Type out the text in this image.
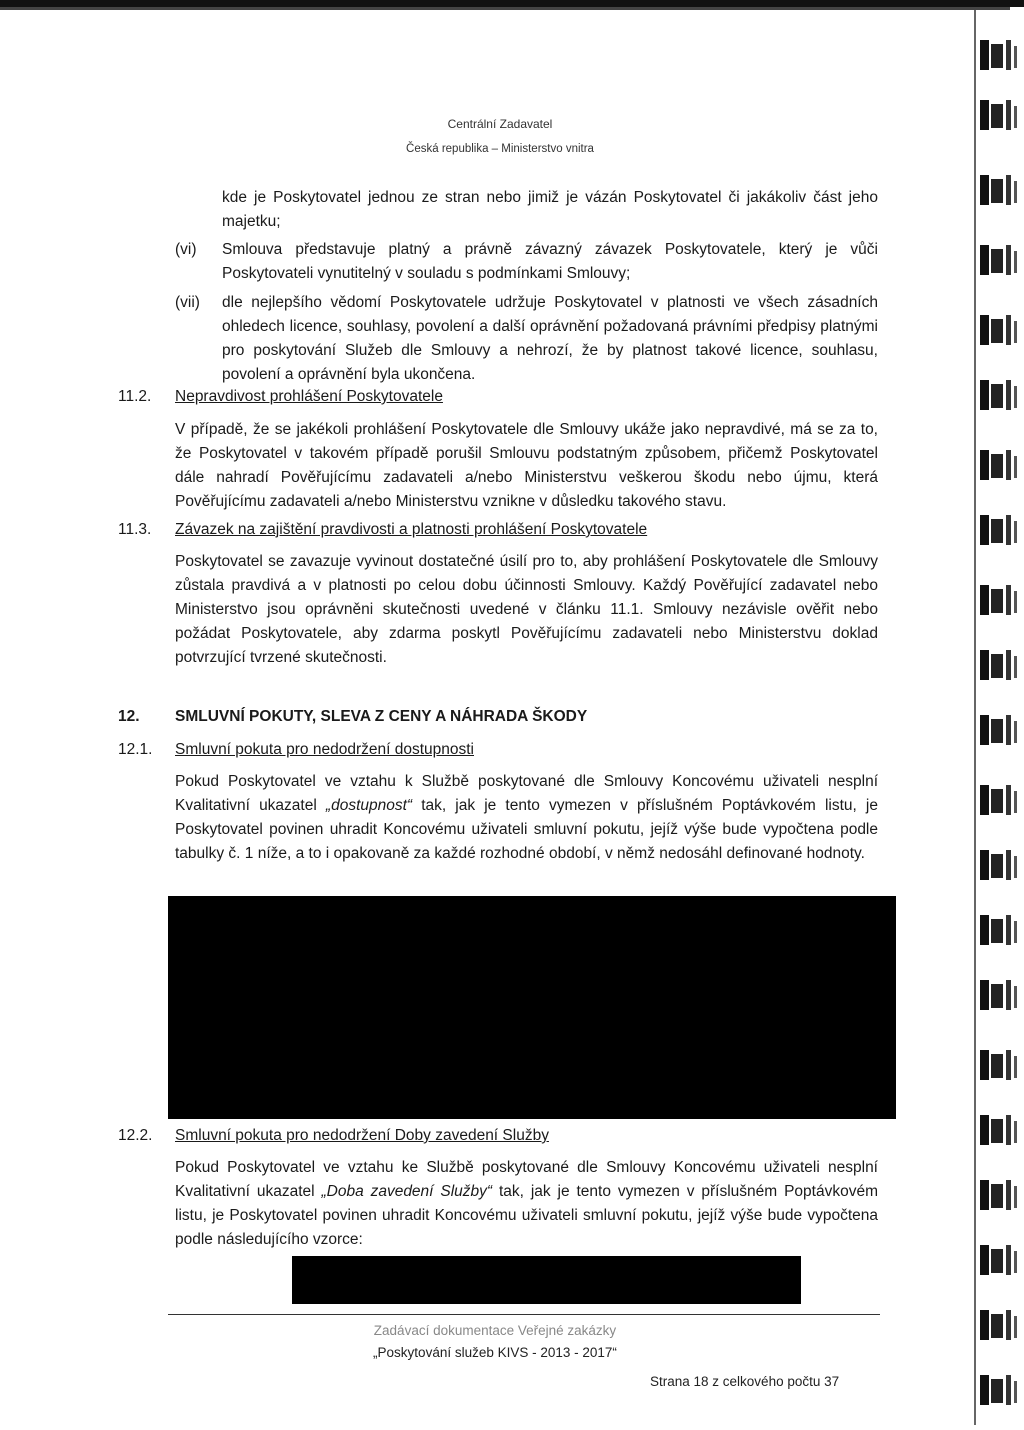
Centrální Zadavatel
Česká republika – Ministerstvo vnitra
kde je Poskytovatel jednou ze stran nebo jimiž je vázán Poskytovatel či jakákoliv část jeho majetku;
(vi) Smlouva představuje platný a právně závazný závazek Poskytovatele, který je vůči Poskytovateli vynutitelný v souladu s podmínkami Smlouvy;
(vii) dle nejlepšího vědomí Poskytovatele udržuje Poskytovatel v platnosti ve všech zásadních ohledech licence, souhlasy, povolení a další oprávnění požadovaná právními předpisy platnými pro poskytování Služeb dle Smlouvy a nehrozí, že by platnost takové licence, souhlasu, povolení a oprávnění byla ukončena.
11.2. Nepravdivost prohlášení Poskytovatele
V případě, že se jakékoli prohlášení Poskytovatele dle Smlouvy ukáže jako nepravdivé, má se za to, že Poskytovatel v takovém případě porušil Smlouvu podstatným způsobem, přičemž Poskytovatel dále nahradí Pověřujícímu zadavateli a/nebo Ministerstvu veškerou škodu nebo újmu, která Pověřujícímu zadavateli a/nebo Ministerstvu vznikne v důsledku takového stavu.
11.3. Závazek na zajištění pravdivosti a platnosti prohlášení Poskytovatele
Poskytovatel se zavazuje vyvinout dostatečné úsilí pro to, aby prohlášení Poskytovatele dle Smlouvy zůstala pravdivá a v platnosti po celou dobu účinnosti Smlouvy. Každý Pověřující zadavatel nebo Ministerstvo jsou oprávněni skutečnosti uvedené v článku 11.1. Smlouvy nezávisle ověřit nebo požádat Poskytovatele, aby zdarma poskytl Pověřujícímu zadavateli nebo Ministerstvu doklad potvrzující tvrzené skutečnosti.
12. SMLUVNÍ POKUTY, SLEVA Z CENY A NÁHRADA ŠKODY
12.1. Smluvní pokuta pro nedodržení dostupnosti
Pokud Poskytovatel ve vztahu k Službě poskytované dle Smlouvy Koncovému uživateli nesplní Kvalitativní ukazatel „dostupnost“ tak, jak je tento vymezen v příslušném Poptávkovém listu, je Poskytovatel povinen uhradit Koncovému uživateli smluvní pokutu, jejíž výše bude vypočtena podle tabulky č. 1 níže, a to i opakovaně za každé rozhodné období, v němž nedosáhl definované hodnoty.
12.2. Smluvní pokuta pro nedodržení Doby zavedení Služby
Pokud Poskytovatel ve vztahu ke Službě poskytované dle Smlouvy Koncovému uživateli nesplní Kvalitativní ukazatel „Doba zavedení Služby“ tak, jak je tento vymezen v příslušném Poptávkovém listu, je Poskytovatel povinen uhradit Koncovému uživateli smluvní pokutu, jejíž výše bude vypočtena podle následujícího vzorce:
Zadávací dokumentace Veřejné zakázky
„Poskytování služeb KIVS - 2013 - 2017“
Strana 18 z celkového počtu 37
